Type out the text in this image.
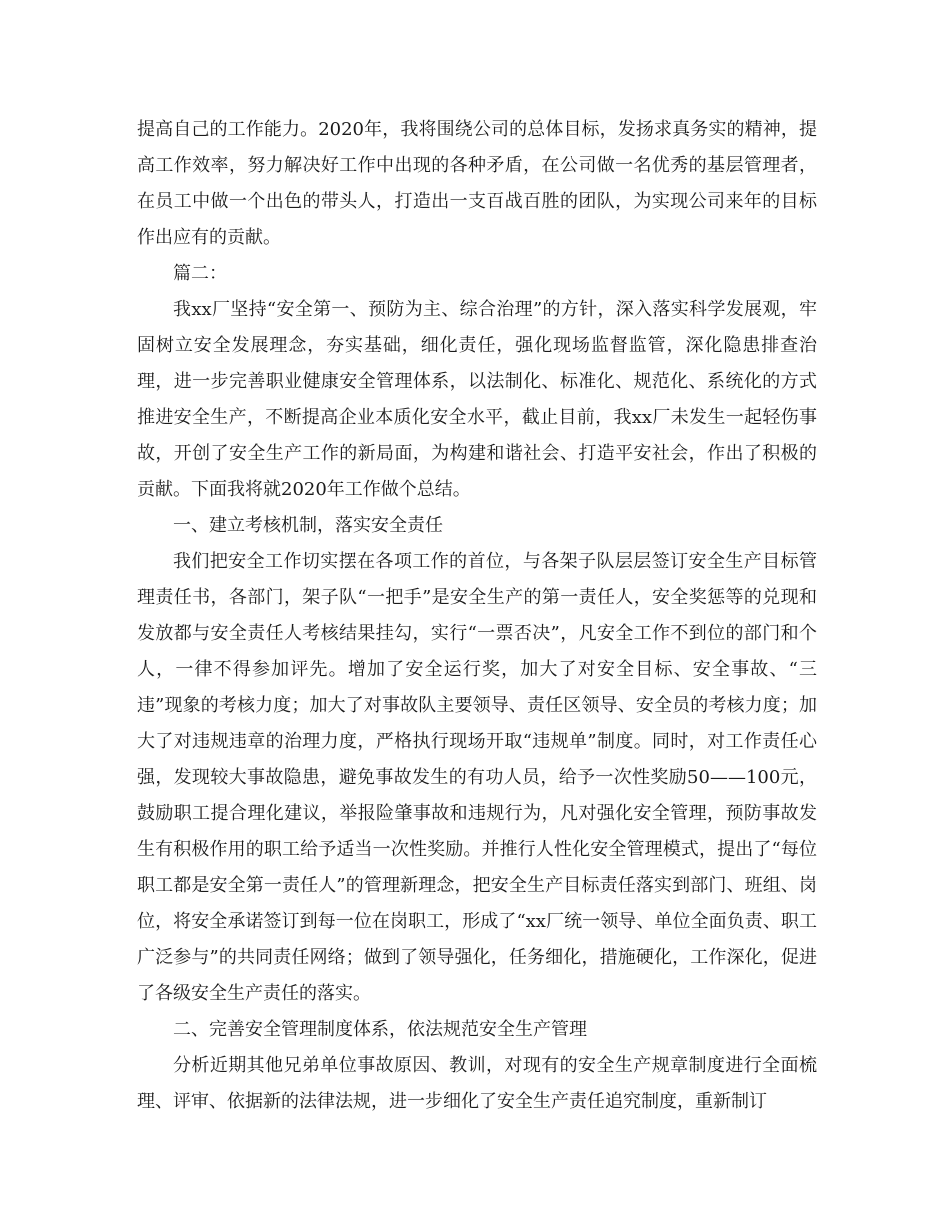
提高自己的工作能力。2020年，我将围绕公司的总体目标，发扬求真务实的精神，提高工作效率，努力解决好工作中出现的各种矛盾，在公司做一名优秀的基层管理者，在员工中做一个出色的带头人，打造出一支百战百胜的团队，为实现公司来年的目标作出应有的贡献。

篇二：

我xx厂坚持“安全第一、预防为主、综合治理”的方针，深入落实科学发展观，牢固树立安全发展理念，夯实基础，细化责任，强化现场监督监管，深化隐患排查治理，进一步完善职业健康安全管理体系，以法制化、标准化、规范化、系统化的方式推进安全生产，不断提高企业本质化安全水平，截止目前，我xx厂未发生一起轻伤事故，开创了安全生产工作的新局面，为构建和谐社会、打造平安社会，作出了积极的贡献。下面我将就2020年工作做个总结。

一、建立考核机制，落实安全责任

我们把安全工作切实摆在各项工作的首位，与各架子队层层签订安全生产目标管理责任书，各部门，架子队“一把手”是安全生产的第一责任人，安全奖惩等的兑现和发放都与安全责任人考核结果挂勾，实行“一票否决”，凡安全工作不到位的部门和个人，一律不得参加评先。增加了安全运行奖，加大了对安全目标、安全事故、“三违”现象的考核力度；加大了对事故队主要领导、责任区领导、安全员的考核力度；加大了对违规违章的治理力度，严格执行现场开取“违规单”制度。同时，对工作责任心强，发现较大事故隐患，避免事故发生的有功人员，给予一次性奖励50——100元，鼓励职工提合理化建议，举报险肇事故和违规行为，凡对强化安全管理，预防事故发生有积极作用的职工给予适当一次性奖励。并推行人性化安全管理模式，提出了“每位职工都是安全第一责任人”的管理新理念，把安全生产目标责任落实到部门、班组、岗位，将安全承诺签订到每一位在岗职工，形成了“xx厂统一领导、单位全面负责、职工广泛参与”的共同责任网络；做到了领导强化，任务细化，措施硬化，工作深化，促进了各级安全生产责任的落实。

二、完善安全管理制度体系，依法规范安全生产管理

分析近期其他兄弟单位事故原因、教训，对现有的安全生产规章制度进行全面梳理、评审、依据新的法律法规，进一步细化了安全生产责任追究制度，重新制订
